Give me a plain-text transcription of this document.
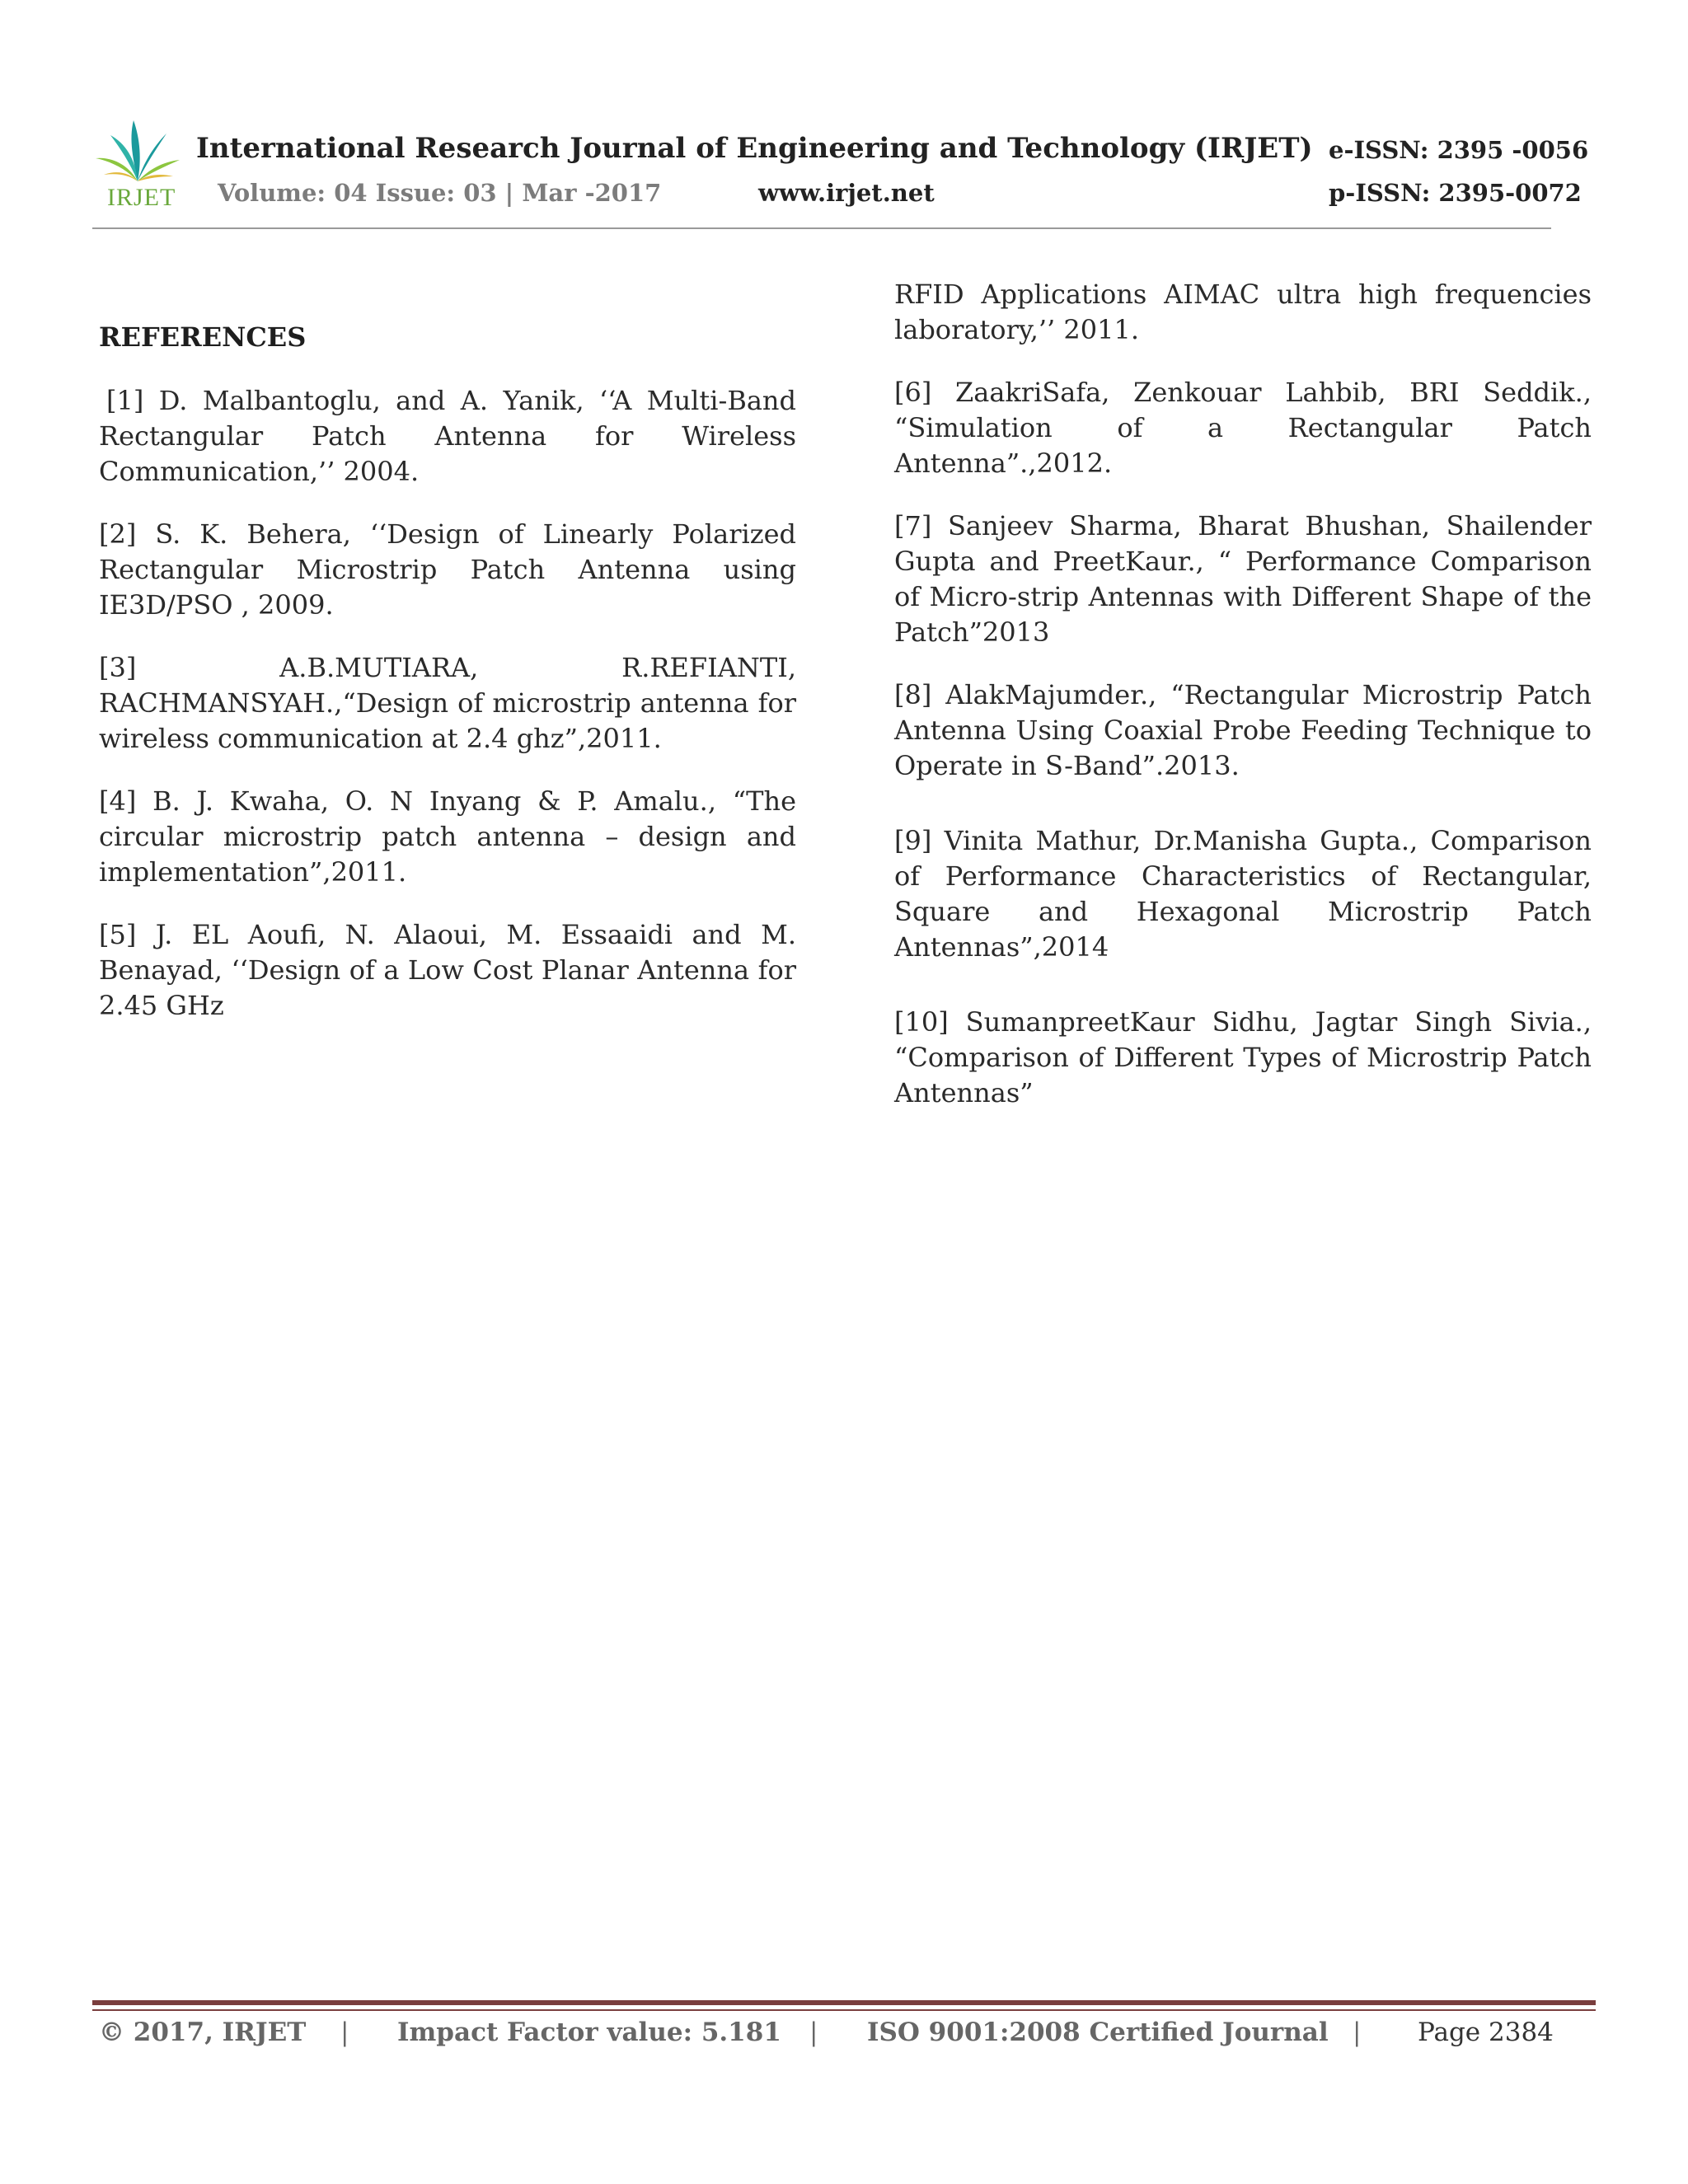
IRJET
International Research Journal of Engineering and Technology (IRJET) e-ISSN: 2395 -0056
Volume: 04 Issue: 03 | Mar -2017	www.irjet.net	p-ISSN: 2395-0072
REFERENCES

[1] D. Malbantoglu, and A. Yanik, ‘‘A Multi-Band Rectangular Patch Antenna for Wireless Communication,’’ 2004.

[2] S. K. Behera, ‘‘Design of Linearly Polarized Rectangular Microstrip Patch Antenna using IE3D/PSO , 2009.

[3] A.B.MUTIARA, R.REFIANTI, RACHMANSYAH.,“Design of microstrip antenna for wireless communication at 2.4 ghz”,2011.

[4] B. J. Kwaha, O. N Inyang & P. Amalu., “The circular microstrip patch antenna – design and implementation”,2011.

[5] J. EL Aoufi, N. Alaoui, M. Essaaidi and M. Benayad, ‘‘Design of a Low Cost Planar Antenna for 2.45 GHz

RFID Applications AIMAC ultra high frequencies laboratory,’’ 2011.

[6] ZaakriSafa, Zenkouar Lahbib, BRI Seddik., “Simulation of a Rectangular Patch Antenna”.,2012.

[7] Sanjeev Sharma, Bharat Bhushan, Shailender Gupta and PreetKaur., “ Performance Comparison of Micro-strip Antennas with Different Shape of the Patch”2013

[8] AlakMajumder., “Rectangular Microstrip Patch Antenna Using Coaxial Probe Feeding Technique to Operate in S-Band”.2013.

[9] Vinita Mathur, Dr.Manisha Gupta., Comparison of Performance Characteristics of Rectangular, Square and Hexagonal Microstrip Patch Antennas”,2014

[10] SumanpreetKaur Sidhu, Jagtar Singh Sivia., “Comparison of Different Types of Microstrip Patch Antennas”

© 2017, IRJET | Impact Factor value: 5.181 | ISO 9001:2008 Certified Journal | Page 2384
